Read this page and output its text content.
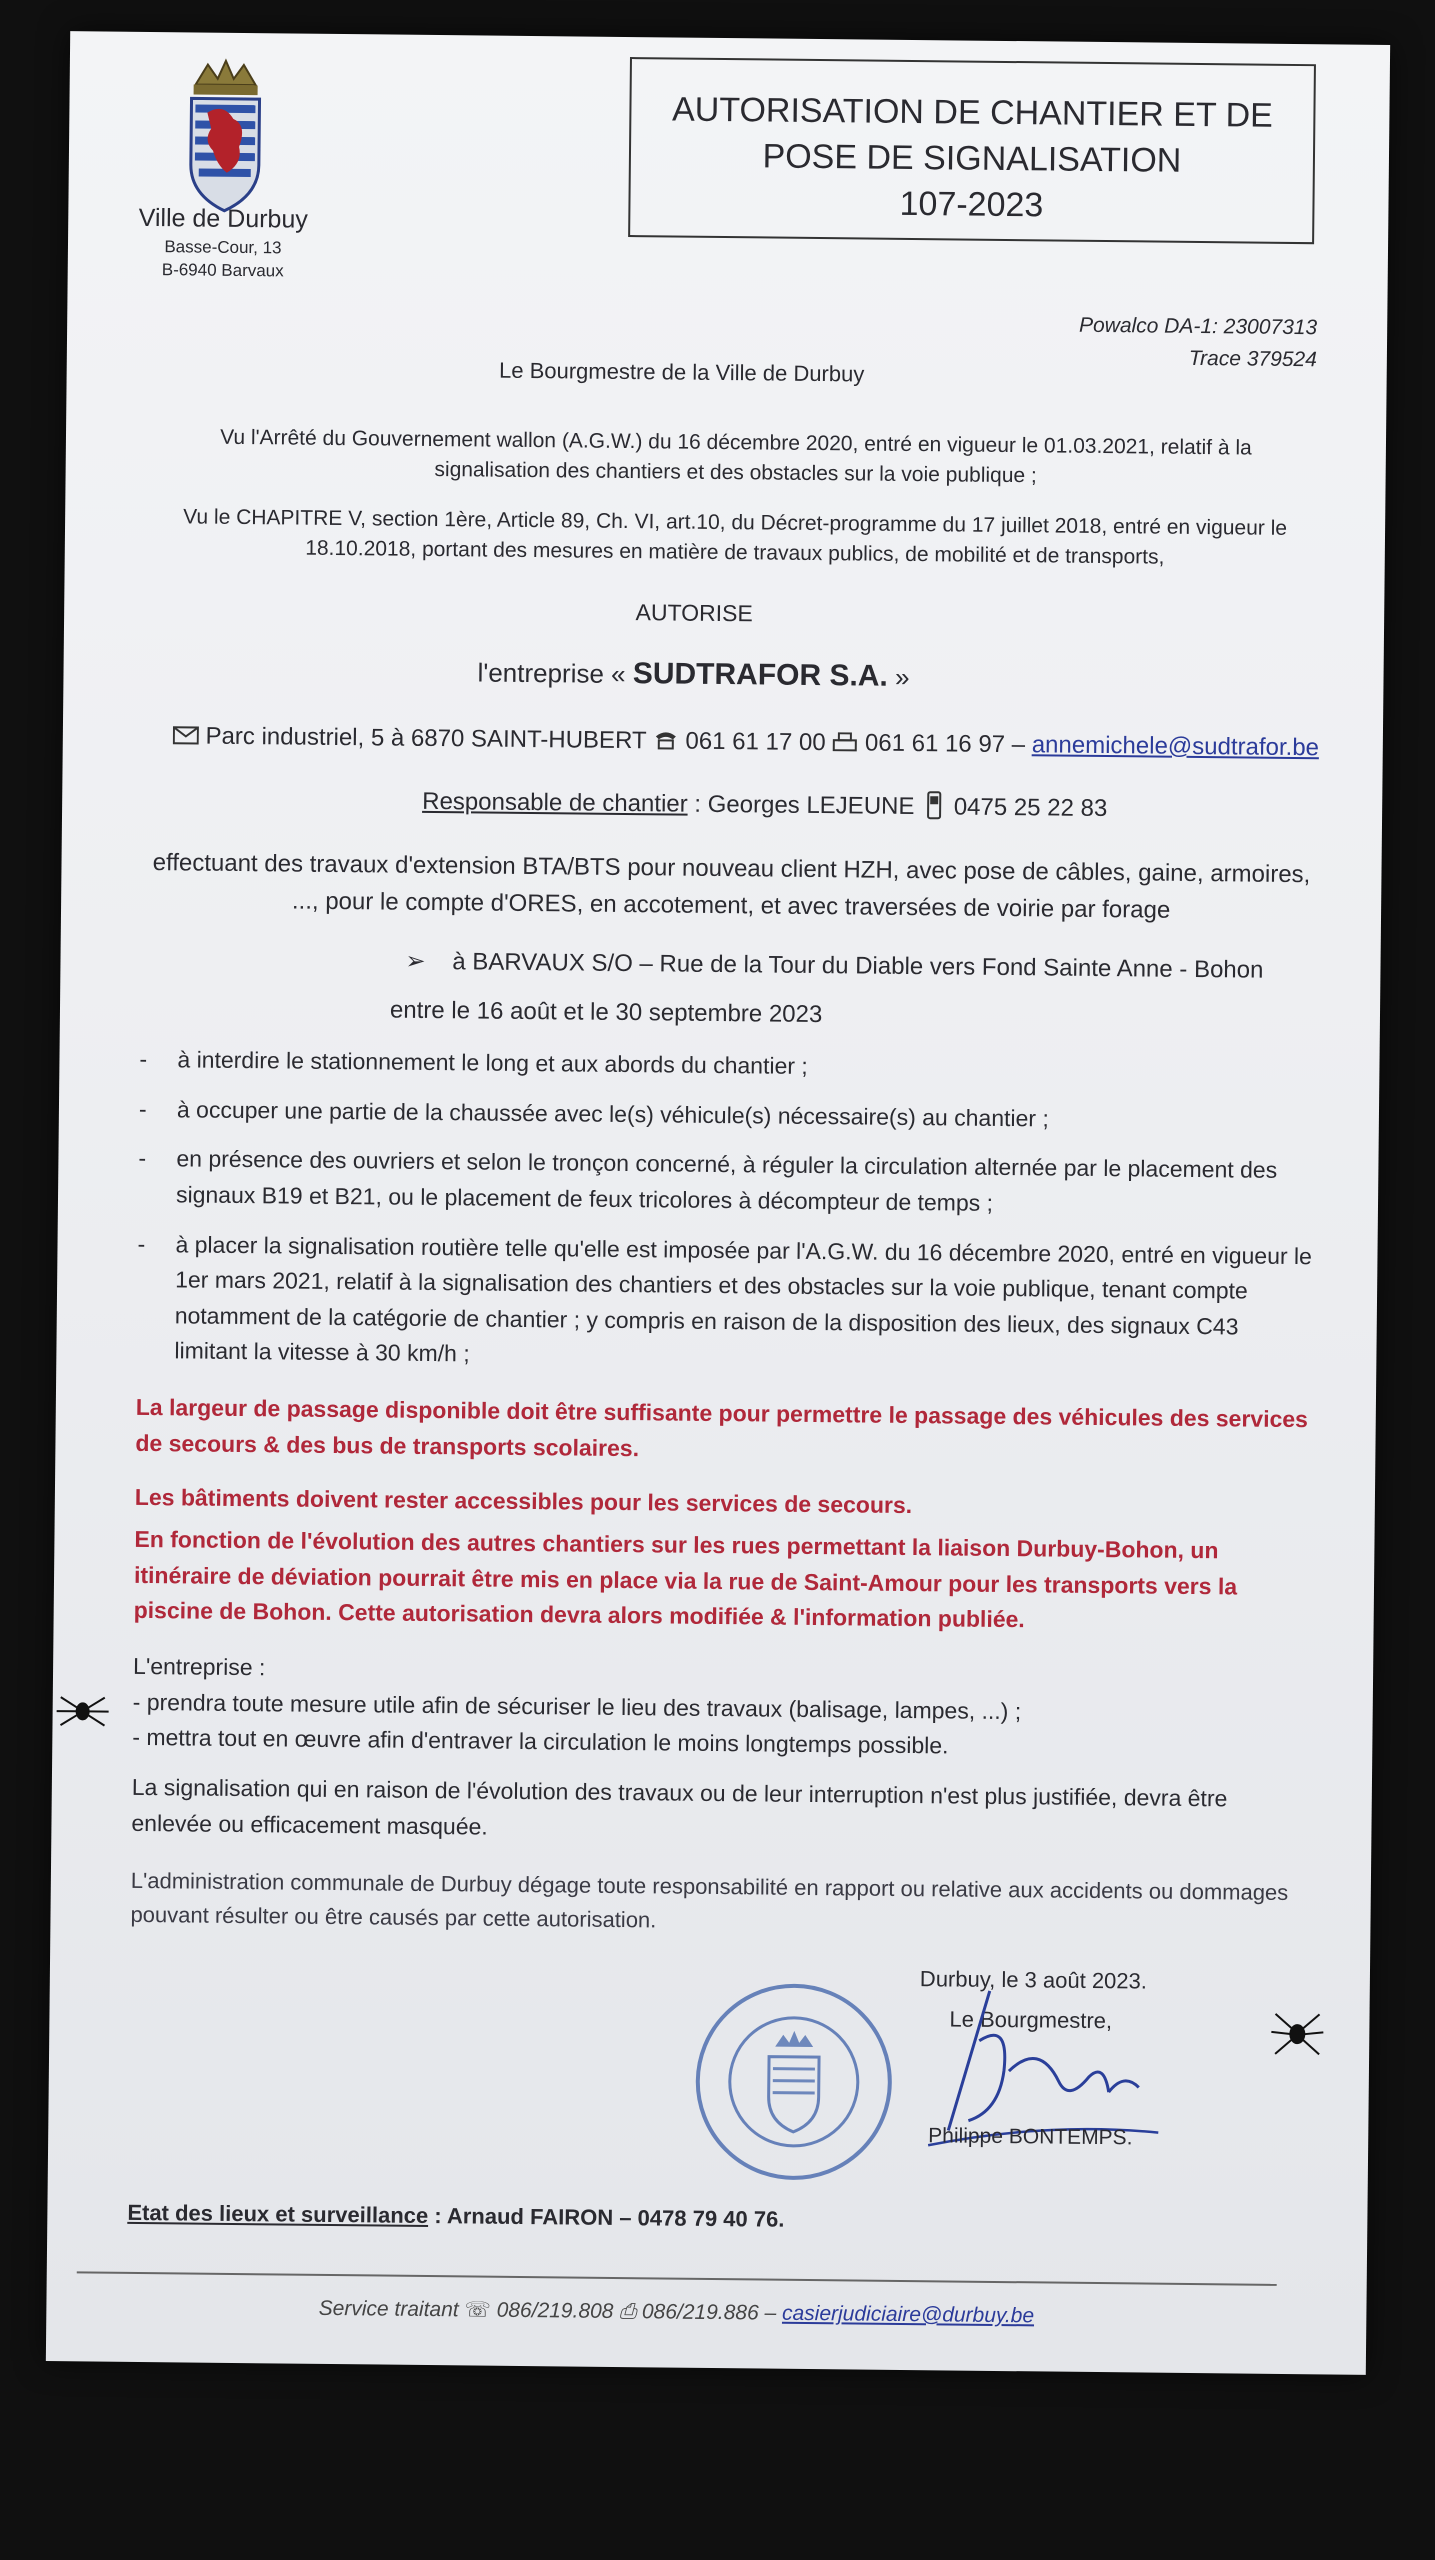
Ville de Durbuy
Basse-Cour, 13
B-6940 Barvaux
AUTORISATION DE CHANTIER ET DE
POSE DE SIGNALISATION
107-2023
Powalco DA-1: 23007313
Trace 379524
Le Bourgmestre de la Ville de Durbuy
Vu l'Arrêté du Gouvernement wallon (A.G.W.) du 16 décembre 2020, entré en vigueur le 01.03.2021, relatif à la signalisation des chantiers et des obstacles sur la voie publique ;
Vu le CHAPITRE V, section 1ère, Article 89, Ch. VI, art.10, du Décret-programme du 17 juillet 2018, entré en vigueur le 18.10.2018, portant des mesures en matière de travaux publics, de mobilité et de transports,
AUTORISE
l'entreprise « SUDTRAFOR S.A. »
Parc industriel, 5 à 6870 SAINT-HUBERT 061 61 17 00 061 61 16 97 – annemichele@sudtrafor.be
Responsable de chantier : Georges LEJEUNE 0475 25 22 83
effectuant des travaux d'extension BTA/BTS pour nouveau client HZH, avec pose de câbles, gaine, armoires, ..., pour le compte d'ORES, en accotement, et avec traversées de voirie par forage
➢    à BARVAUX S/O – Rue de la Tour du Diable vers Fond Sainte Anne - Bohon
entre le 16 août et le 30 septembre 2023
- à interdire le stationnement le long et aux abords du chantier ;
- à occuper une partie de la chaussée avec le(s) véhicule(s) nécessaire(s) au chantier ;
- en présence des ouvriers et selon le tronçon concerné, à réguler la circulation alternée par le placement des signaux B19 et B21, ou le placement de feux tricolores à décompteur de temps ;
- à placer la signalisation routière telle qu'elle est imposée par l'A.G.W. du 16 décembre 2020, entré en vigueur le 1er mars 2021, relatif à la signalisation des chantiers et des obstacles sur la voie publique, tenant compte notamment de la catégorie de chantier ; y compris en raison de la disposition des lieux, des signaux C43 limitant la vitesse à 30 km/h ;
La largeur de passage disponible doit être suffisante pour permettre le passage des véhicules des services de secours & des bus de transports scolaires.
Les bâtiments doivent rester accessibles pour les services de secours.
En fonction de l'évolution des autres chantiers sur les rues permettant la liaison Durbuy-Bohon, un itinéraire de déviation pourrait être mis en place via la rue de Saint-Amour pour les transports vers la piscine de Bohon. Cette autorisation devra alors modifiée & l'information publiée.
L'entreprise :
- prendra toute mesure utile afin de sécuriser le lieu des travaux (balisage, lampes, ...) ;
- mettra tout en œuvre afin d'entraver la circulation le moins longtemps possible.
La signalisation qui en raison de l'évolution des travaux ou de leur interruption n'est plus justifiée, devra être enlevée ou efficacement masquée.
L'administration communale de Durbuy dégage toute responsabilité en rapport ou relative aux accidents ou dommages pouvant résulter ou être causés par cette autorisation.
Durbuy, le 3 août 2023.
Le Bourgmestre,
Philippe BONTEMPS.
Etat des lieux et surveillance : Arnaud FAIRON – 0478 79 40 76.
Service traitant ☏ 086/219.808 ⎙ 086/219.886 – casierjudiciaire@durbuy.be
